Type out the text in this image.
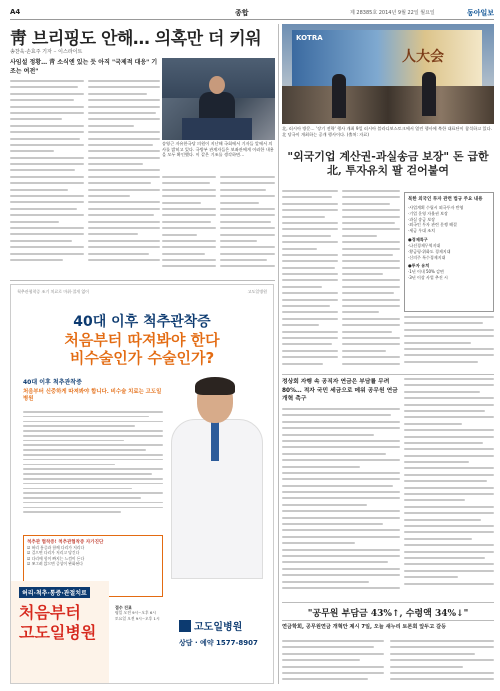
A4	종합	제 28385호 2014년 9월 22일 월요일	동아일보
靑 브리핑도 안해… 의혹만 더 키워
송찬욱·손효주 기자 ·· 이스라이트
사임설 정황… 靑 소식엔 있는 듯 아직 "국제적 대응" 기조는 여전"
송영근 자유한국당 의원이 지난해 국회에서 기자들 앞에서 의사를 밝히고 있다. 국방부 관계자들은 보좌관에게 이러한 내용을 모두 확인했다. 이 같은 기조를 생각하면…
KOTRA
人大会
北, 러시아 방문… '장기 전략' 행사 개최 9일 러시아 블라디보스토크에서 열린 행사에 북한 대표단이 참석하고 있다. 北 당국이 개최하는 공개 행사이다. (출처: 자료)
"외국기업 계산권-과실송금 보장" 돈 급한 北, 투자유치 팔 걷어붙여
북한 외국인 투자 관련 법규 주요 내용
·사업계획 수립시 외국투자 반영
·기업 운영 자율권 보장
·과실 송금 보장
·외국인 투자 관련 분쟁 해결
·세금 우대 조치
●경제특구
·나선경제무역지대
·황금평·위화도 경제지대
·신의주 특수경제지대
●투자 유치
·1년 이내 50% 감면
·3년 이상 사업 추진 시
척추관협착증 조기 치료로 마취·절개 없이	고도일병원
40대 이후 척추관착증
처음부터 따져봐야 한다
비수술인가 수술인가?
40대 이후 척추관착증
처음부터 신중하게 따져봐야 합니다. 비수술 치료는 고도일병원
척추관 협착증! 척추관협착증 자가진단
☑ 허리 통증과 함께 다리가 저리다
☑ 걸으면 다리가 저리고 당긴다
☑ 다리에 힘이 빠지는 느낌이 든다
☑ 쪼그려 앉으면 증상이 완화된다
허리·척추·통증·관절치료
처음부터
고도일병원
접수 진료
평일 오전 9시~오후 6시
토요일 오전 9시~오후 1시
고도일병원
상담 · 예약 1577-8907
정상회 자행 속 공직자 연금은 부담률 무려 80%… 적자 국민 세금으로 메워 공무원 연금개혁 촉구
"공무원 부담금 43%↑, 수령액 34%↓"
연금학회, 공무원연금 개혁안 제시 7일, 오늘 새누리 토론회 앞두고 갈등
